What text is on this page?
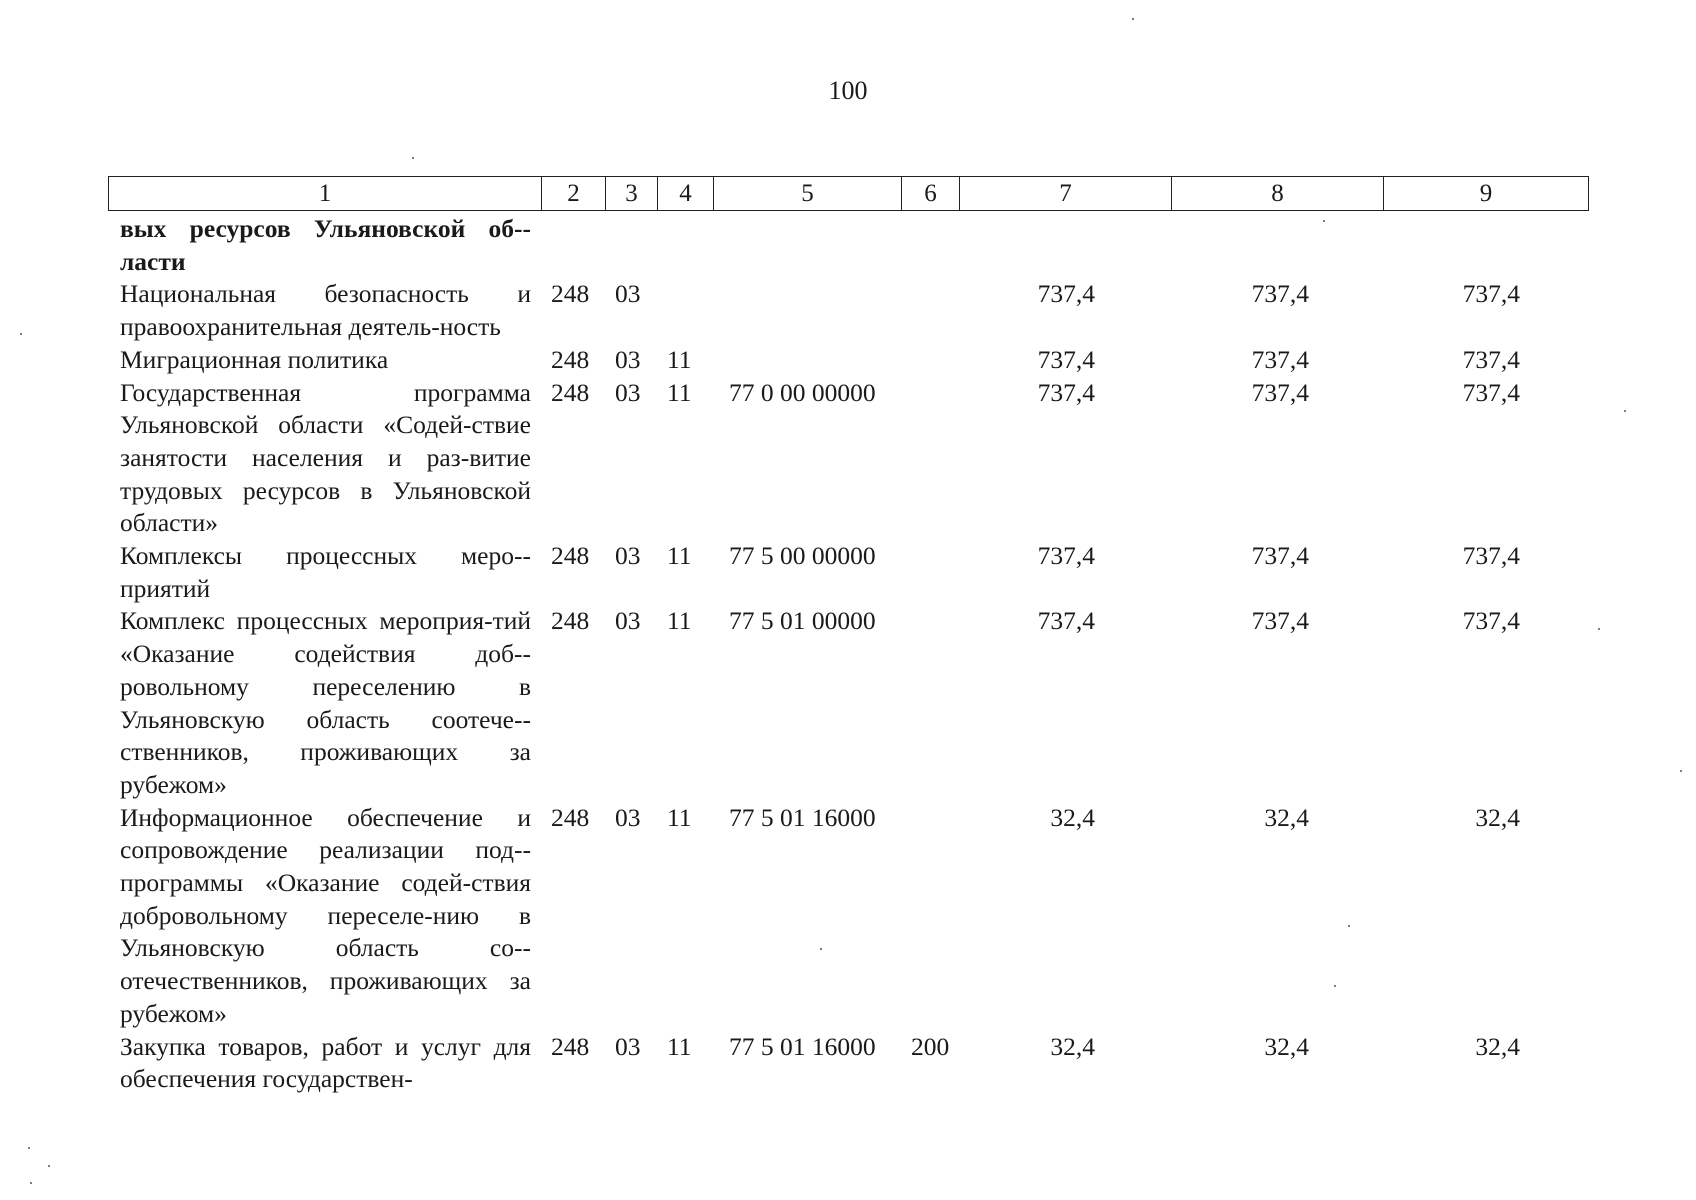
100
1	2	3	4	5	6	7	8	9
вых ресурсов Ульяновской об-ласти								
Национальная безопасность и правоохранительная деятель-ность	248	03				737,4	737,4	737,4
Миграционная политика	248	03	11			737,4	737,4	737,4
Государственная программа Ульяновской области «Содей-ствие занятости населения и раз-витие трудовых ресурсов в Ульяновской области»	248	03	11	77 0 00 00000		737,4	737,4	737,4
Комплексы процессных меро-приятий	248	03	11	77 5 00 00000		737,4	737,4	737,4
Комплекс процессных мероприя-тий «Оказание содействия доб-ровольному переселению в Ульяновскую область соотече-ственников, проживающих за рубежом»	248	03	11	77 5 01 00000		737,4	737,4	737,4
Информационное обеспечение и сопровождение реализации под-программы «Оказание содей-ствия добровольному переселе-нию в Ульяновскую область со-отечественников, проживающих за рубежом»	248	03	11	77 5 01 16000		32,4	32,4	32,4
Закупка товаров, работ и услуг для обеспечения государствен-	248	03	11	77 5 01 16000	200	32,4	32,4	32,4
